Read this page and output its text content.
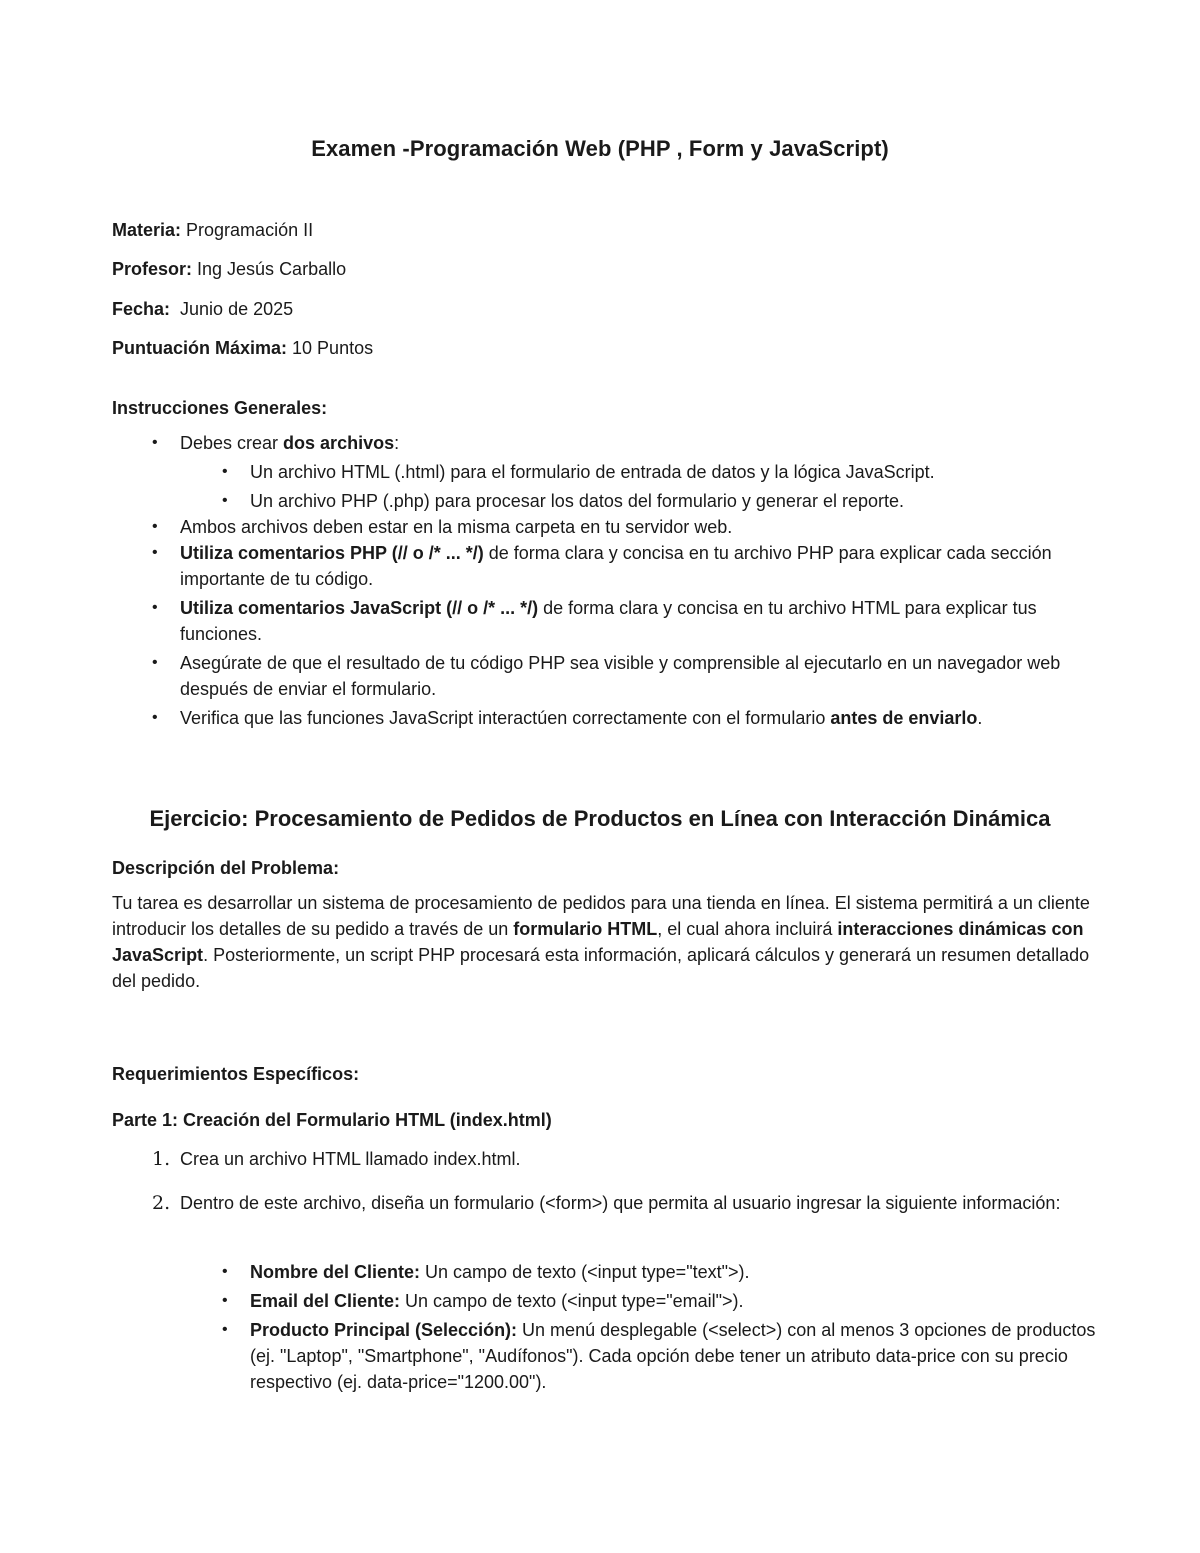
Examen -Programación Web (PHP , Form y JavaScript)
Materia: Programación II
Profesor: Ing Jesús Carballo
Fecha:  Junio de 2025
Puntuación Máxima: 10 Puntos
Instrucciones Generales:
• Debes crear dos archivos:
• Un archivo HTML (.html) para el formulario de entrada de datos y la lógica JavaScript.
• Un archivo PHP (.php) para procesar los datos del formulario y generar el reporte.
• Ambos archivos deben estar en la misma carpeta en tu servidor web.
• Utiliza comentarios PHP (// o /* ... */) de forma clara y concisa en tu archivo PHP para explicar cada sección importante de tu código.
• Utiliza comentarios JavaScript (// o /* ... */) de forma clara y concisa en tu archivo HTML para explicar tus funciones.
• Asegúrate de que el resultado de tu código PHP sea visible y comprensible al ejecutarlo en un navegador web después de enviar el formulario.
• Verifica que las funciones JavaScript interactúen correctamente con el formulario antes de enviarlo.
Ejercicio: Procesamiento de Pedidos de Productos en Línea con Interacción Dinámica
Descripción del Problema:
Tu tarea es desarrollar un sistema de procesamiento de pedidos para una tienda en línea. El sistema permitirá a un cliente introducir los detalles de su pedido a través de un formulario HTML, el cual ahora incluirá interacciones dinámicas con JavaScript. Posteriormente, un script PHP procesará esta información, aplicará cálculos y generará un resumen detallado del pedido.
Requerimientos Específicos:
Parte 1: Creación del Formulario HTML (index.html)
1. Crea un archivo HTML llamado index.html.
2. Dentro de este archivo, diseña un formulario (<form>) que permita al usuario ingresar la siguiente información:
• Nombre del Cliente: Un campo de texto (<input type="text">).
• Email del Cliente: Un campo de texto (<input type="email">).
• Producto Principal (Selección): Un menú desplegable (<select>) con al menos 3 opciones de productos (ej. "Laptop", "Smartphone", "Audífonos"). Cada opción debe tener un atributo data-price con su precio respectivo (ej. data-price="1200.00").
